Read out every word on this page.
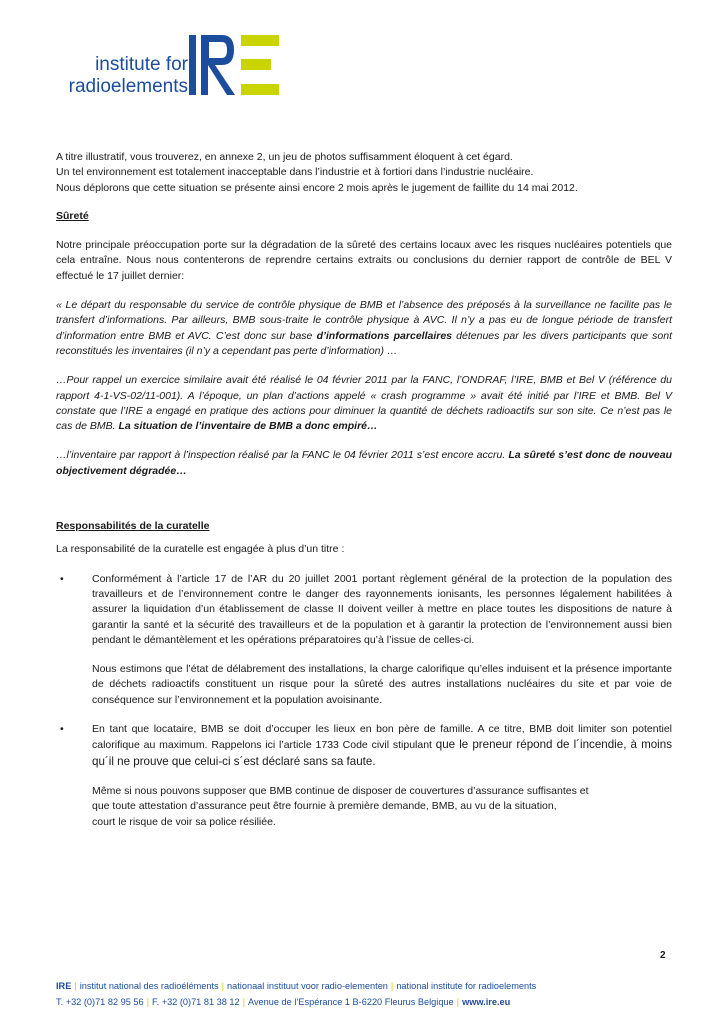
institute for
radioelements
A titre illustratif, vous trouverez, en annexe 2, un jeu de photos suffisamment éloquent à cet égard.
Un tel environnement est totalement inacceptable dans l’industrie et à fortiori dans l’industrie nucléaire.
Nous déplorons que cette situation se présente ainsi encore 2 mois après le jugement de faillite du 14 mai 2012.

Sûreté

Notre principale préoccupation porte sur la dégradation de la sûreté des certains locaux avec les risques nucléaires potentiels que cela entraîne. Nous nous contenterons de reprendre certains extraits ou conclusions du dernier rapport de contrôle de BEL V effectué le 17 juillet dernier:

« Le départ du responsable du service de contrôle physique de BMB et l’absence des préposés à la surveillance ne facilite pas le transfert d’informations. Par ailleurs, BMB sous-traite le contrôle physique à AVC. Il n’y a pas eu de longue période de transfert d’information entre BMB et AVC. C’est donc sur base d’informations parcellaires détenues par les divers participants que sont reconstitués les inventaires (il n’y a cependant pas perte d’information) …

…Pour rappel un exercice similaire avait été réalisé le 04 février 2011 par la FANC, l’ONDRAF, l’IRE, BMB et Bel V (référence du rapport 4-1-VS-02/11-001). A l’époque, un plan d’actions appelé « crash programme » avait été initié par l’IRE et BMB. Bel V constate que l’IRE a engagé en pratique des actions pour diminuer la quantité de déchets radioactifs sur son site. Ce n’est pas le cas de BMB. La situation de l’inventaire de BMB a donc empiré…

…l’inventaire par rapport à l’inspection réalisé par la FANC le 04 février 2011 s’est encore accru. La sûreté s’est donc de nouveau objectivement dégradée…

Responsabilités de la curatelle

La responsabilité de la curatelle est engagée à plus d’un titre :

•	Conformément à l’article 17 de l’AR du 20 juillet 2001 portant règlement général de la protection de la population des travailleurs et de l’environnement contre le danger des rayonnements ionisants, les personnes légalement habilitées à assurer la liquidation d’un établissement de classe II doivent veiller à mettre en place toutes les dispositions de nature à garantir la santé et la sécurité des travailleurs et de la population et à garantir la protection de l’environnement aussi bien pendant le démantèlement et les opérations préparatoires qu’à l’issue de celles-ci.

Nous estimons que l’état de délabrement des installations, la charge calorifique qu’elles induisent et la présence importante de déchets radioactifs constituent un risque pour la sûreté des autres installations nucléaires du site et par voie de conséquence sur l’environnement et la population avoisinante.

•	En tant que locataire, BMB se doit d’occuper les lieux en bon père de famille. A ce titre, BMB doit limiter son potentiel calorifique au maximum. Rappelons ici l’article 1733 Code civil stipulant que le preneur répond de l´incendie, à moins qu´il ne prouve que celui-ci s´est déclaré sans sa faute.

Même si nous pouvons supposer que BMB continue de disposer de couvertures d’assurance suffisantes et
que toute attestation d’assurance peut être fournie à première demande, BMB, au vu de la situation,
court le risque de voir sa police résiliée.
2
IRE | institut national des radioéléments | nationaal instituut voor radio-elementen | national institute for radioelements
T. +32 (0)71 82 95 56 | F. +32 (0)71 81 38 12 | Avenue de l’Espérance 1 B-6220 Fleurus Belgique | www.ire.eu
